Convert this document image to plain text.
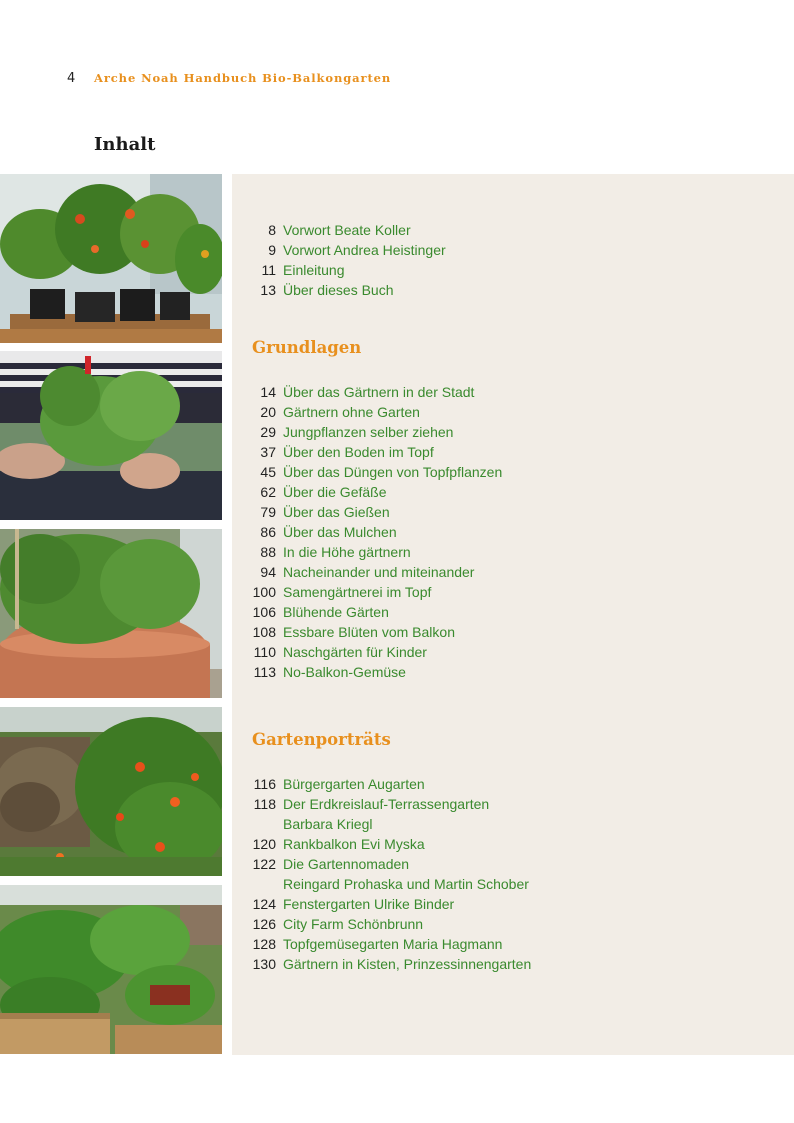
4	Arche Noah Handbuch Bio-Balkongarten
Inhalt
8 Vorwort Beate Koller
9 Vorwort Andrea Heistinger
11 Einleitung
13 Über dieses Buch
Grundlagen
14 Über das Gärtnern in der Stadt
20 Gärtnern ohne Garten
29 Jungpflanzen selber ziehen
37 Über den Boden im Topf
45 Über das Düngen von Topfpflanzen
62 Über die Gefäße
79 Über das Gießen
86 Über das Mulchen
88 In die Höhe gärtnern
94 Nacheinander und miteinander
100 Samengärtnerei im Topf
106 Blühende Gärten
108 Essbare Blüten vom Balkon
110 Naschgärten für Kinder
113 No-Balkon-Gemüse
Gartenporträts
116 Bürgergarten Augarten
118 Der Erdkreislauf-Terrassengarten
Barbara Kriegl
120 Rankbalkon Evi Myska
122 Die Gartennomaden
Reingard Prohaska und Martin Schober
124 Fenstergarten Ulrike Binder
126 City Farm Schönbrunn
128 Topfgemüsegarten Maria Hagmann
130 Gärtnern in Kisten, Prinzessinnengarten
